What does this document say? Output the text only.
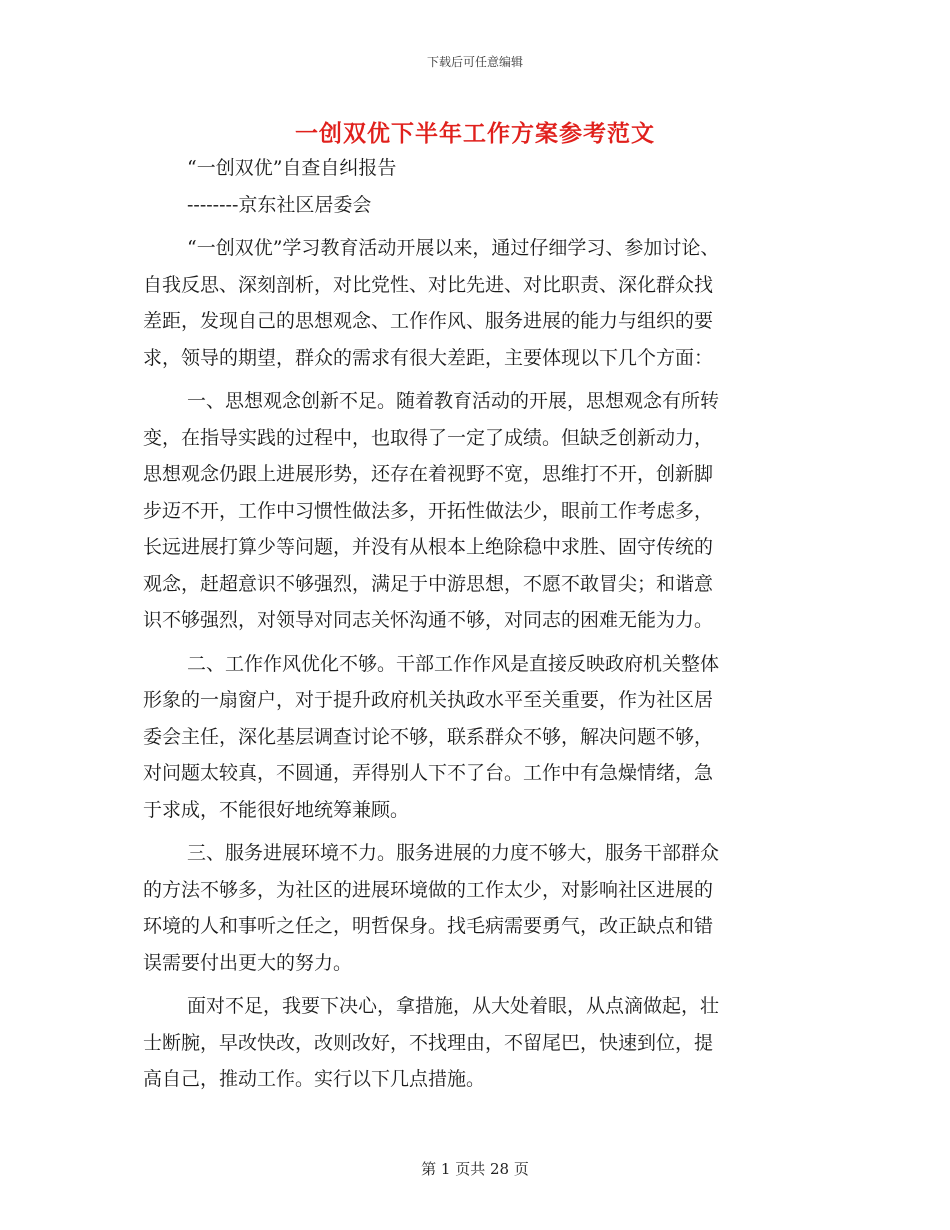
下载后可任意编辑
一创双优下半年工作方案参考范文
“一创双优”自查自纠报告
--------京东社区居委会
“一创双优”学习教育活动开展以来，通过仔细学习、参加讨论、
自我反思、深刻剖析，对比党性、对比先进、对比职责、深化群众找
差距，发现自己的思想观念、工作作风、服务进展的能力与组织的要
求，领导的期望，群众的需求有很大差距，主要体现以下几个方面：
一、思想观念创新不足。随着教育活动的开展，思想观念有所转
变，在指导实践的过程中，也取得了一定了成绩。但缺乏创新动力，
思想观念仍跟上进展形势，还存在着视野不宽，思维打不开，创新脚
步迈不开，工作中习惯性做法多，开拓性做法少，眼前工作考虑多，
长远进展打算少等问题，并没有从根本上绝除稳中求胜、固守传统的
观念，赶超意识不够强烈，满足于中游思想，不愿不敢冒尖；和谐意
识不够强烈，对领导对同志关怀沟通不够，对同志的困难无能为力。
二、工作作风优化不够。干部工作作风是直接反映政府机关整体
形象的一扇窗户，对于提升政府机关执政水平至关重要，作为社区居
委会主任，深化基层调查讨论不够，联系群众不够，解决问题不够，
对问题太较真，不圆通，弄得别人下不了台。工作中有急燥情绪，急
于求成，不能很好地统筹兼顾。
三、服务进展环境不力。服务进展的力度不够大，服务干部群众
的方法不够多，为社区的进展环境做的工作太少，对影响社区进展的
环境的人和事听之任之，明哲保身。找毛病需要勇气，改正缺点和错
误需要付出更大的努力。
面对不足，我要下决心，拿措施，从大处着眼，从点滴做起，壮
士断腕，早改快改，改则改好，不找理由，不留尾巴，快速到位，提
高自己，推动工作。实行以下几点措施。
第 1 页共 28 页
